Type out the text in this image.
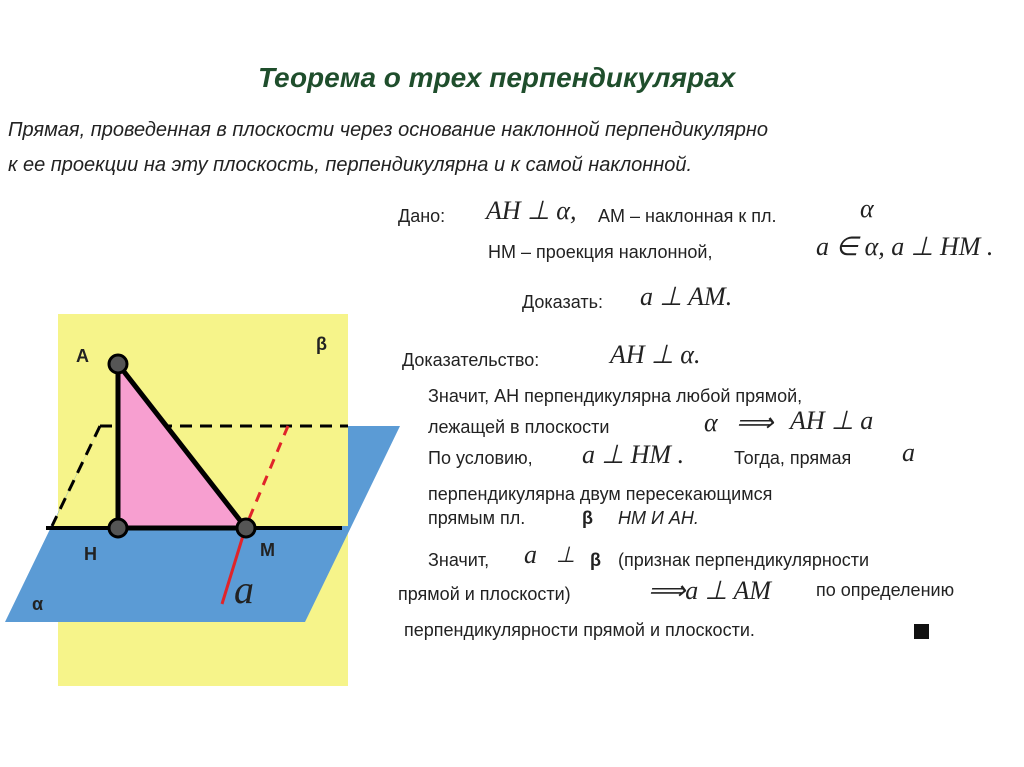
А
Н	М
β
α	a
Теорема о трех перпендикулярах
Прямая, проведенная в плоскости через основание наклонной перпендикулярно
к ее проекции на эту плоскость, перпендикулярна и к самой наклонной.
Дано: AH ⊥ α, АМ – наклонная к пл.	α
НМ – проекция наклонной,	a ∈ α, a ⊥ HM .
Доказать: a ⊥ AM.
Доказательство:	AH ⊥ α.
Значит, АН перпендикулярна любой прямой,
лежащей в плоскости	α ⟹ AH ⊥ a
a
По условию, a ⊥ HM .	Тогда, прямая
перпендикулярна двум пересекающимся
прямым пл.	β НМ И АН.
Значит, a ⊥ β (признак перпендикулярности
прямой и плоскости)	⟹a ⊥ AM	по определению
перпендикулярности прямой и плоскости.
